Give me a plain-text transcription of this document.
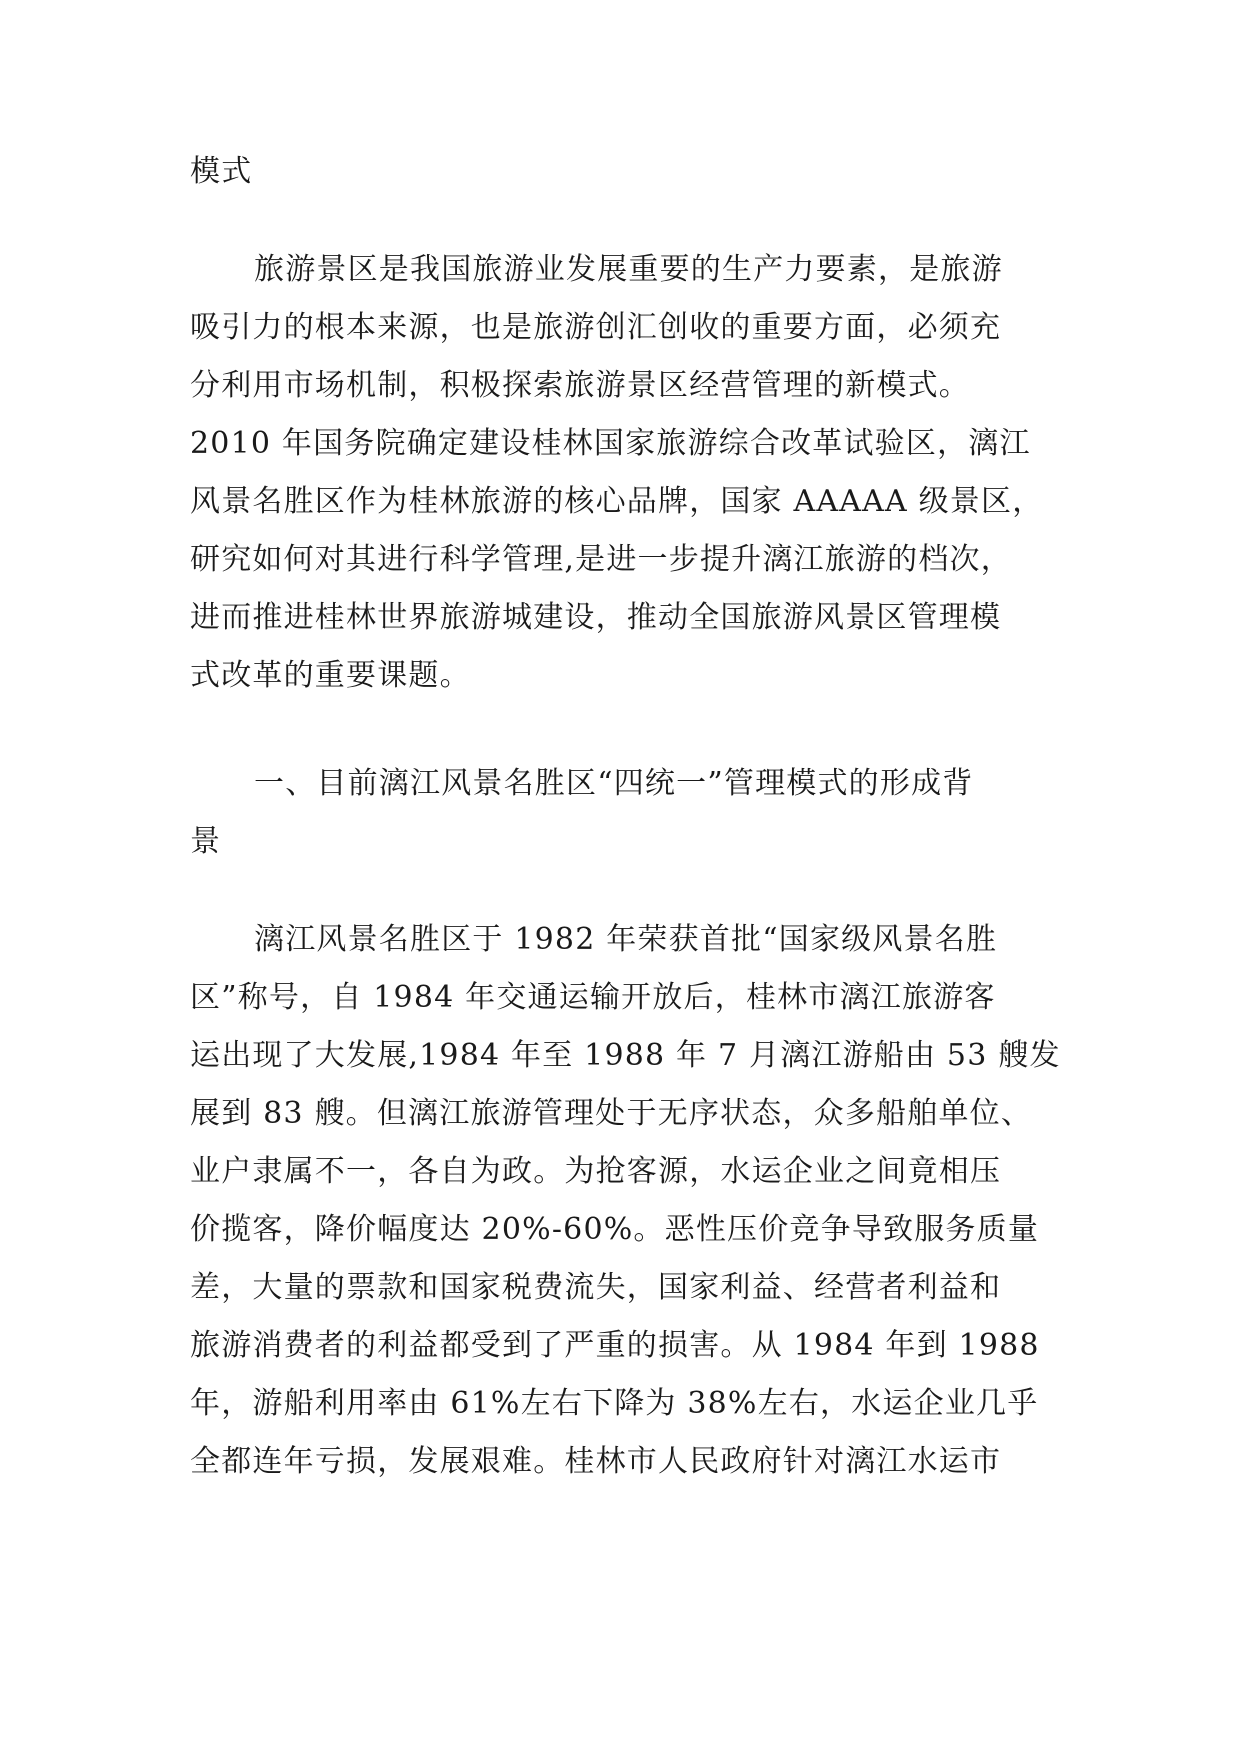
模式
旅游景区是我国旅游业发展重要的生产力要素，是旅游
吸引力的根本来源，也是旅游创汇创收的重要方面，必须充
分利用市场机制，积极探索旅游景区经营管理的新模式。
2010 年国务院确定建设桂林国家旅游综合改革试验区，漓江
风景名胜区作为桂林旅游的核心品牌，国家 AAAAA 级景区，
研究如何对其进行科学管理,是进一步提升漓江旅游的档次，
进而推进桂林世界旅游城建设，推动全国旅游风景区管理模
式改革的重要课题。
一、目前漓江风景名胜区“四统一”管理模式的形成背
景
漓江风景名胜区于 1982 年荣获首批“国家级风景名胜
区”称号，自 1984 年交通运输开放后，桂林市漓江旅游客
运出现了大发展,1984 年至 1988 年 7 月漓江游船由 53 艘发
展到 83 艘。但漓江旅游管理处于无序状态，众多船舶单位、
业户隶属不一，各自为政。为抢客源，水运企业之间竟相压
价揽客，降价幅度达 20%-60%。恶性压价竞争导致服务质量
差，大量的票款和国家税费流失，国家利益、经营者利益和
旅游消费者的利益都受到了严重的损害。从 1984 年到 1988
年，游船利用率由 61%左右下降为 38%左右，水运企业几乎
全都连年亏损，发展艰难。桂林市人民政府针对漓江水运市
